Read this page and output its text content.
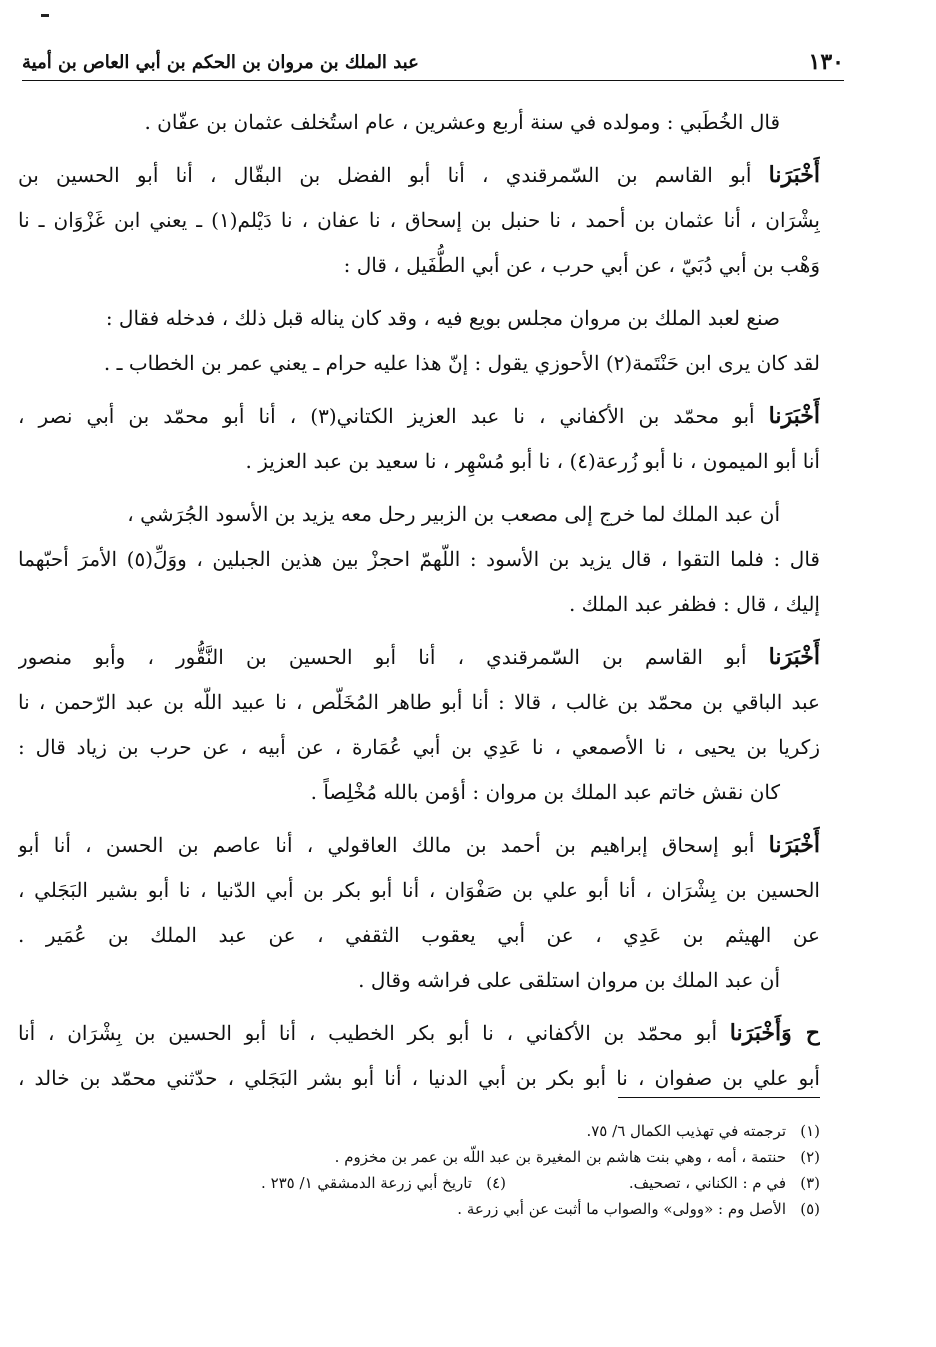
١٣٠
عبد الملك بن مروان بن الحكم بن أبي العاص بن أمية
قال الخُطَبي : ومولده في سنة أربع وعشرين ، عام استُخلف عثمان بن عفّان .
أَخْبَرَنا أبو القاسم بن السّمرقندي ، أنا أبو الفضل بن البقّال ، أنا أبو الحسين بن
بِشْرَان ، أنا عثمان بن أحمد ، نا حنبل بن إسحاق ، نا عفان ، نا دَيْلم(١) ـ يعني ابن غَزْوَان ـ نا
وَهْب بن أبي دُبَيّ ، عن أبي حرب ، عن أبي الطُّفَيل ، قال :
صنع لعبد الملك بن مروان مجلس بويع فيه ، وقد كان يناله قبل ذلك ، فدخله فقال :
لقد كان يرى ابن حَنْتَمة(٢) الأحوزي يقول : إنّ هذا عليه حرام ـ يعني عمر بن الخطاب ـ .
أَخْبَرَنا أبو محمّد بن الأكفاني ، نا عبد العزيز الكتاني(٣) ، أنا أبو محمّد بن أبي نصر ،
أنا أبو الميمون ، نا أبو زُرعة(٤) ، نا أبو مُسْهِر ، نا سعيد بن عبد العزيز .
أن عبد الملك لما خرج إلى مصعب بن الزبير رحل معه يزيد بن الأسود الجُرَشي ،
قال : فلما التقوا ، قال يزيد بن الأسود : اللّهمّ احجزْ بين هذين الجبلين ، ووَلِّ(٥) الأمرَ أحبّهما
إليك ، قال : فظفر عبد الملك .
أَخْبَرَنا أبو القاسم بن السّمرقندي ، أنا أبو الحسين بن النَّقُّور ، وأبو منصور
عبد الباقي بن محمّد بن غالب ، قالا : أنا أبو طاهر المُخَلّص ، نا عبيد اللّه بن عبد الرّحمن ، نا
زكريا بن يحيى ، نا الأصمعي ، نا عَدِي بن أبي عُمَارة ، عن أبيه ، عن حرب بن زياد قال :
كان نقش خاتم عبد الملك بن مروان : أؤمن بالله مُخْلِصاً .
أَخْبَرَنا أبو إسحاق إبراهيم بن أحمد بن مالك العاقولي ، أنا عاصم بن الحسن ، أنا أبو
الحسين بن بِشْرَان ، أنا أبو علي بن صَفْوَان ، أنا أبو بكر بن أبي الدّنيا ، نا أبو بشير البَجَلي ،
عن الهيثم بن عَدِي ، عن أبي يعقوب الثقفي ، عن عبد الملك بن عُمَير .
أن عبد الملك بن مروان استلقى على فراشه وقال .
ح وَأَخْبَرَنا أبو محمّد بن الأكفاني ، نا أبو بكر الخطيب ، أنا أبو الحسين بن بِشْرَان ، أنا
أبو علي بن صفوان ، نا أبو بكر بن أبي الدنيا ، أنا أبو بشر البَجَلي ، حدّثني محمّد بن خالد ،
(١)
ترجمته في تهذيب الكمال ٦/ ٧٥.
(٢)
حنتمة ، أمه ، وهي بنت هاشم بن المغيرة بن عبد اللّه بن عمر بن مخزوم .
(٣)
في م : الكناني ، تصحيف.
(٤)
تاريخ أبي زرعة الدمشقي ١/ ٢٣٥ .
(٥)
الأصل وم : «وولى» والصواب ما أثبت عن أبي زرعة .
